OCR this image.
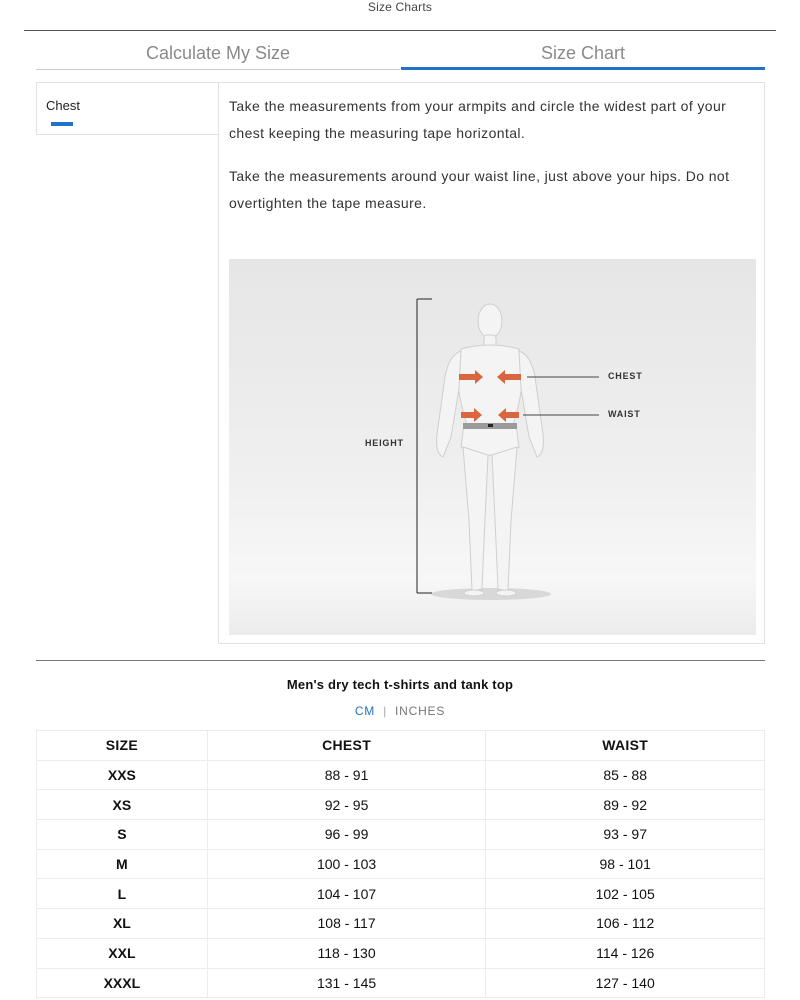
Size Charts
Calculate My Size	Size Chart
Chest	Take the measurements from your armpits and circle the widest part of your chest keeping the measuring tape horizontal.

Take the measurements around your waist line, just above your hips. Do not overtighten the tape measure.

HEIGHT
CHEST
WAIST
Men's dry tech t-shirts and tank top
CM | INCHES
SIZE	CHEST	WAIST
XXS	88 - 91	85 - 88
XS	92 - 95	89 - 92
S	96 - 99	93 - 97
M	100 - 103	98 - 101
L	104 - 107	102 - 105
XL	108 - 117	106 - 112
XXL	118 - 130	114 - 126
XXXL	131 - 145	127 - 140
